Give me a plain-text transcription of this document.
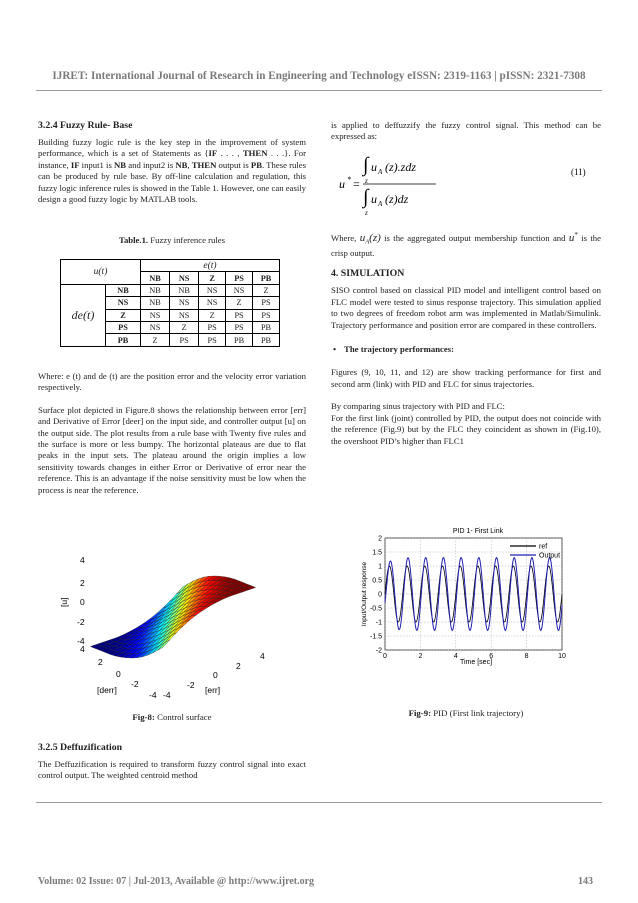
IJRET: International Journal of Research in Engineering and Technology eISSN: 2319-1163 | pISSN: 2321-7308
3.2.4 Fuzzy Rule- Base

Building fuzzy logic rule is the key step in the improvement of system performance, which is a set of Statements as {IF . . . , THEN . . .}. For instance, IF input1 is NB and input2 is NB, THEN output is PB. These rules can be produced by rule base. By off-line calculation and regulation, this fuzzy logic inference rules is showed in the Table 1. However, one can easily design a good fuzzy logic by MATLAB tools.

Table.1. Fuzzy inference rules
u(t)		e(t)				
		NB	NS	Z	PS	PB
de(t)	NB	NB	NB	NS	NS	Z
	NS	NB	NS	NS	Z	PS
	Z	NS	NS	Z	PS	PS
	PS	NS	Z	PS	PS	PB
	PB	Z	PS	PS	PB	PB

Where: e (t) and de (t) are the position error and the velocity error variation respectively.

Surface plot depicted in Figure.8 shows the relationship between error [err] and Derivative of Error [deer] on the input side, and controller output [u] on the output side. The plot results from a rule base with Twenty five rules and the surface is more or less bumpy. The horizontal plateaus are due to flat peaks in the input sets. The plateau around the origin implies a low sensitivity towards changes in either Error or Derivative of error near the reference. This is an advantage if the noise sensitivity must be low when the process is near the reference.

4
2
0
-2
-4
4
2
0
-2
-4 -4
-2
0
2
4
[u]
[derr]	[err]
Fig-8: Control surface
3.2.5 Deffuzification

The Deffuzification is required to transform fuzzy control signal into exact control output. The weighted centroid method

is applied to deffuzzify the fuzzy control signal. This method can be expressed as:

u * =
∫ u A (z).zdz
z
∫ u A (z)dz
z
(11)

Where, $u_A(z)$ is the aggregated output membership function and u* is the crisp output.

4. SIMULATION

SISO control based on classical PID model and intelligent control based on FLC model were tested to sinus response trajectory. This simulation applied to two degrees of freedom robot arm was implemented in Matlab/Simulink. Trajectory performance and position error are compared in these controllers.

• The trajectory performances:

Figures (9, 10, 11, and 12) are show tracking performance for first and second arm (link) with PID and FLC for sinus trajectories.

By comparing sinus trajectory with PID and FLC:

For the first link (joint) controlled by PID, the output does not coincide with the reference (Fig.9) but by the FLC they coincident as shown in (Fig.10), the overshoot PID’s higher than FLC1

0	2	4	6	8	10
2
1.5
1
0.5
0
-0.5
-1
-1.5
-2
PID 1- First Link
Time [sec]
Input/Output response
ref
Output
Fig-9: PID (First link trajectory)
Volume: 02 Issue: 07 | Jul-2013, Available @ http://www.ijret.org	143
